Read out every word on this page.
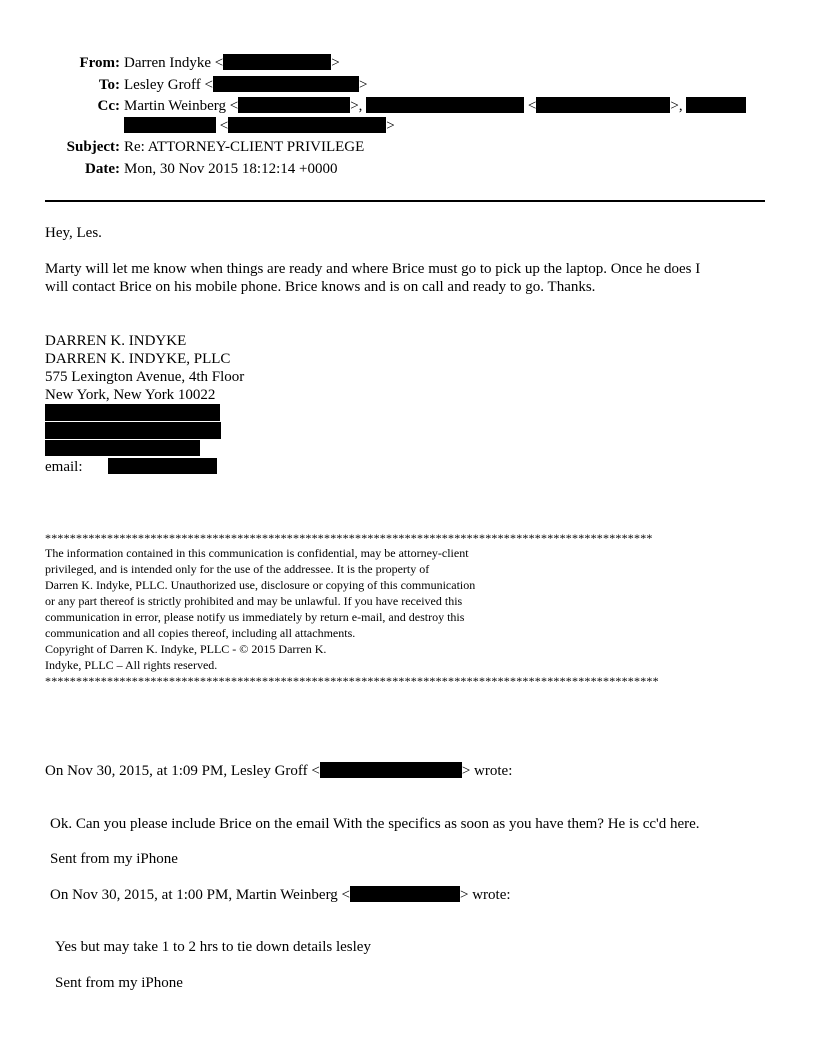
From: Darren Indyke <	>
To: Lesley Groff <	>
Cc: Martin Weinberg <	>,	<	>,
<	>
Subject: Re: ATTORNEY-CLIENT PRIVILEGE
Date: Mon, 30 Nov 2015 18:12:14 +0000
Hey, Les.
Marty will let me know when things are ready and where Brice must go to pick up the laptop. Once he does I
will contact Brice on his mobile phone. Brice knows and is on call and ready to go. Thanks.
DARREN K. INDYKE
DARREN K. INDYKE, PLLC
575 Lexington Avenue, 4th Floor
New York, New York 10022
email:
**************************************************************************************************
The information contained in this communication is confidential, may be attorney-client
privileged, and is intended only for the use of the addressee. It is the property of
Darren K. Indyke, PLLC. Unauthorized use, disclosure or copying of this communication
or any part thereof is strictly prohibited and may be unlawful. If you have received this
communication in error, please notify us immediately by return e-mail, and destroy this
communication and all copies thereof, including all attachments.
Copyright of Darren K. Indyke, PLLC - © 2015 Darren K.
Indyke, PLLC – All rights reserved.
***************************************************************************************************
On Nov 30, 2015, at 1:09 PM, Lesley Groff <	> wrote:
Ok. Can you please include Brice on the email With the specifics as soon as you have them? He is cc'd here.
Sent from my iPhone
On Nov 30, 2015, at 1:00 PM, Martin Weinberg <	> wrote:
Yes but may take 1 to 2 hrs to tie down details lesley
Sent from my iPhone
